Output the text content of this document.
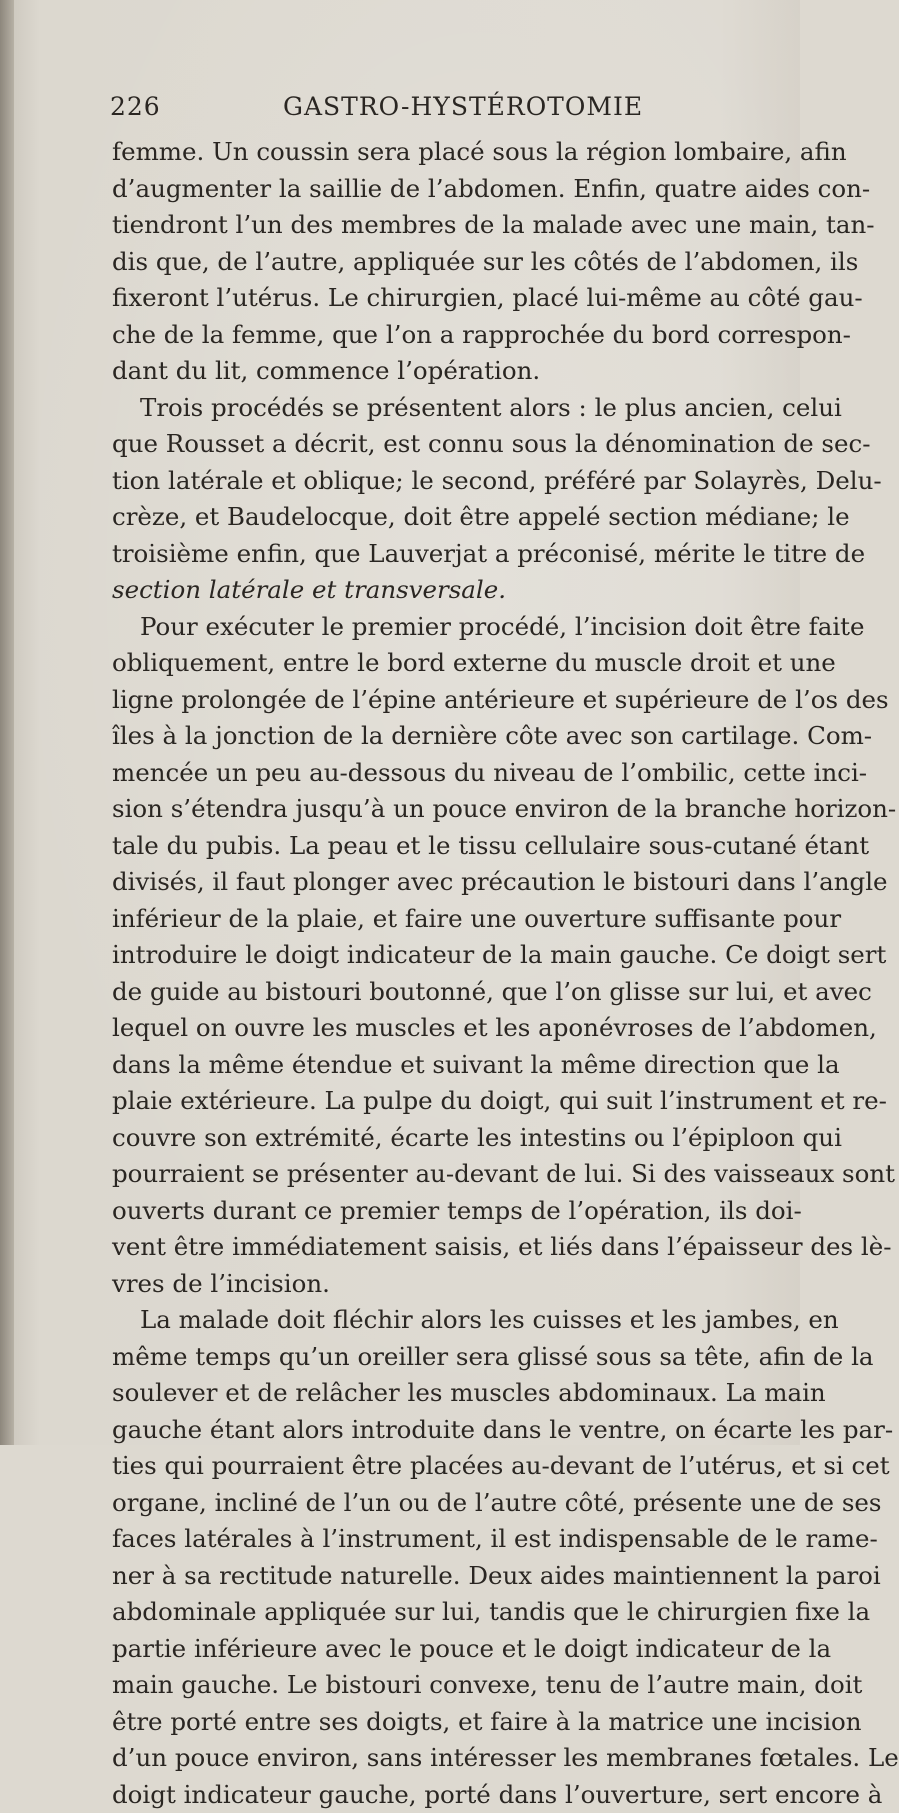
226	GASTRO-HYSTÉROTOMIE
femme. Un coussin sera placé sous la région lombaire, afin
d’augmenter la saillie de l’abdomen. Enfin, quatre aides con-
tiendront l’un des membres de la malade avec une main, tan-
dis que, de l’autre, appliquée sur les côtés de l’abdomen, ils
fixeront l’utérus. Le chirurgien, placé lui-même au côté gau-
che de la femme, que l’on a rapprochée du bord correspon-
dant du lit, commence l’opération.
Trois procédés se présentent alors : le plus ancien, celui
que Rousset a décrit, est connu sous la dénomination de sec-
tion latérale et oblique; le second, préféré par Solayrès, Delu-
crèze, et Baudelocque, doit être appelé section médiane; le
troisième enfin, que Lauverjat a préconisé, mérite le titre de
section latérale et transversale.
Pour exécuter le premier procédé, l’incision doit être faite
obliquement, entre le bord externe du muscle droit et une
ligne prolongée de l’épine antérieure et supérieure de l’os des
îles à la jonction de la dernière côte avec son cartilage. Com-
mencée un peu au-dessous du niveau de l’ombilic, cette inci-
sion s’étendra jusqu’à un pouce environ de la branche horizon-
tale du pubis. La peau et le tissu cellulaire sous-cutané étant
divisés, il faut plonger avec précaution le bistouri dans l’angle
inférieur de la plaie, et faire une ouverture suffisante pour
introduire le doigt indicateur de la main gauche. Ce doigt sert
de guide au bistouri boutonné, que l’on glisse sur lui, et avec
lequel on ouvre les muscles et les aponévroses de l’abdomen,
dans la même étendue et suivant la même direction que la
plaie extérieure. La pulpe du doigt, qui suit l’instrument et re-
couvre son extrémité, écarte les intestins ou l’épiploon qui
pourraient se présenter au-devant de lui. Si des vaisseaux sont
ouverts durant ce premier temps de l’opération, ils doi-
vent être immédiatement saisis, et liés dans l’épaisseur des lè-
vres de l’incision.
La malade doit fléchir alors les cuisses et les jambes, en
même temps qu’un oreiller sera glissé sous sa tête, afin de la
soulever et de relâcher les muscles abdominaux. La main
gauche étant alors introduite dans le ventre, on écarte les par-
ties qui pourraient être placées au-devant de l’utérus, et si cet
organe, incliné de l’un ou de l’autre côté, présente une de ses
faces latérales à l’instrument, il est indispensable de le rame-
ner à sa rectitude naturelle. Deux aides maintiennent la paroi
abdominale appliquée sur lui, tandis que le chirurgien fixe la
partie inférieure avec le pouce et le doigt indicateur de la
main gauche. Le bistouri convexe, tenu de l’autre main, doit
être porté entre ses doigts, et faire à la matrice une incision
d’un pouce environ, sans intéresser les membranes fœtales. Le
doigt indicateur gauche, porté dans l’ouverture, sert encore à
